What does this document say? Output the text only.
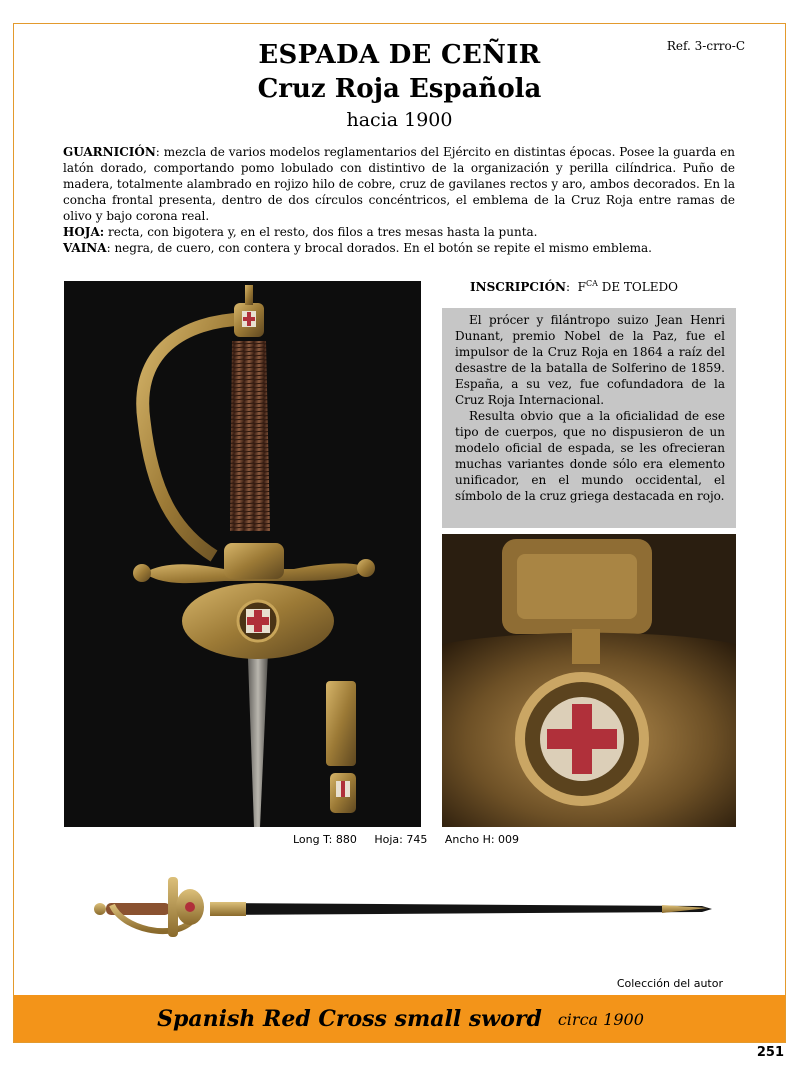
Ref. 3-crro-C
ESPADA DE CEÑIR
Cruz Roja Española
hacia 1900

GUARNICIÓN: mezcla de varios modelos reglamentarios del Ejército en distintas épocas. Posee la guarda en latón dorado, comportando pomo lobulado con distintivo de la organización y perilla cilíndrica. Puño de madera, totalmente alambrado en rojizo hilo de cobre, cruz de gavilanes rectos y aro, ambos decorados. En la concha frontal presenta, dentro de dos círculos concéntricos, el emblema de la Cruz Roja entre ramas de olivo y bajo corona real.

HOJA: recta, con bigotera y, en el resto, dos filos a tres mesas hasta la punta.

VAINA: negra, de cuero, con contera y brocal dorados. En el botón se repite el mismo emblema.

INSCRIPCIÓN:  $F^{CA}$ DE TOLEDO

El prócer y filántropo suizo Jean Henri Dunant, premio Nobel de la Paz, fue el impulsor de la Cruz Roja en 1864 a raíz del desastre de la batalla de Solferino de 1859. España, a su vez, fue cofundadora de la Cruz Roja Internacional.

Resulta obvio que a la oficialidad de ese tipo de cuerpos, que no dispusieron de un modelo oficial de espada, se les ofrecieran muchas variantes donde sólo era elemento unificador, en el mundo occidental, el símbolo de la cruz griega destacada en rojo.

Long T: 880 Hoja: 745 Ancho H: 009
Colección del autor
Spanish Red Cross small sword circa 1900
251
